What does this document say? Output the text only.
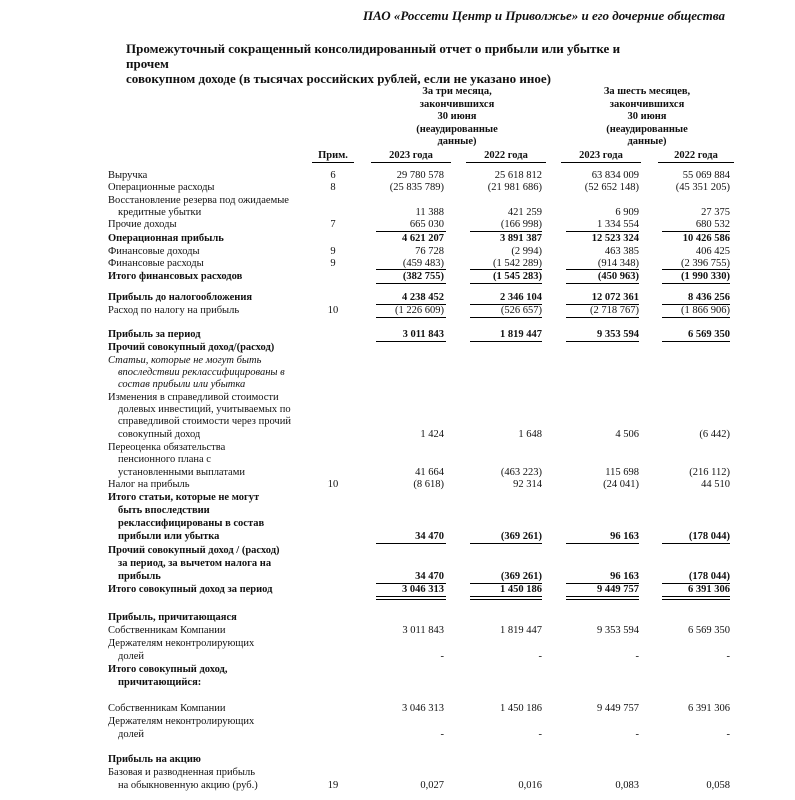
ПАО «Россети Центр и Приволжье» и его дочерние общества
Промежуточный сокращенный консолидированный отчет о прибыли или убытке и прочем
совокупном доходе (в тысячах российских рублей, если не указано иное)
За три месяца,
закончившихся
30 июня
(неаудированные
данные)
За шесть месяцев,
закончившихся
30 июня
(неаудированные
данные)
Прим.	2023 года	2022 года	2023 года	2022 года
Выручка	6	29 780 578	25 618 812	63 834 009	55 069 884
Операционные расходы	8	(25 835 789)	(21 981 686)	(52 652 148)	(45 351 205)
Восстановление резерва под ожидаемые
кредитные убытки	11 388	421 259	6 909	27 375
Прочие доходы	7	665 030	(166 998)	1 334 554	680 532
Операционная прибыль	4 621 207	3 891 387	12 523 324	10 426 586
Финансовые доходы	9	76 728	(2 994)	463 385	406 425
Финансовые расходы	9	(459 483)	(1 542 289)	(914 348)	(2 396 755)
Итого финансовых расходов	(382 755)	(1 545 283)	(450 963)	(1 990 330)
Прибыль до налогообложения	4 238 452	2 346 104	12 072 361	8 436 256
Расход по налогу на прибыль	10	(1 226 609)	(526 657)	(2 718 767)	(1 866 906)
Прибыль за период	3 011 843	1 819 447	9 353 594	6 569 350
Прочий совокупный доход/(расход)
Статьи, которые не могут быть
впоследствии реклассифицированы в
состав прибыли или убытка
Изменения в справедливой стоимости
долевых инвестиций, учитываемых по
справедливой стоимости через прочий
совокупный доход	1 424	1 648	4 506	(6 442)
Переоценка обязательства
пенсионного плана с
установленными выплатами	41 664	(463 223)	115 698	(216 112)
Налог на прибыль	10	(8 618)	92 314	(24 041)	44 510
Итого статьи, которые не могут
быть впоследствии
реклассифицированы в состав
прибыли или убытка	34 470	(369 261)	96 163	(178 044)
Прочий совокупный доход / (расход)
за период, за вычетом налога на
прибыль	34 470	(369 261)	96 163	(178 044)
Итого совокупный доход за период	3 046 313	1 450 186	9 449 757	6 391 306
Прибыль, причитающаяся
Собственникам Компании	3 011 843	1 819 447	9 353 594	6 569 350
Держателям неконтролирующих
долей	-	-	-	-
Итого совокупный доход,
причитающийся:
Собственникам Компании	3 046 313	1 450 186	9 449 757	6 391 306
Держателям неконтролирующих
долей	-	-	-	-
Прибыль на акцию
Базовая и разводненная прибыль
на обыкновенную акцию (руб.)	19	0,027	0,016	0,083	0,058
